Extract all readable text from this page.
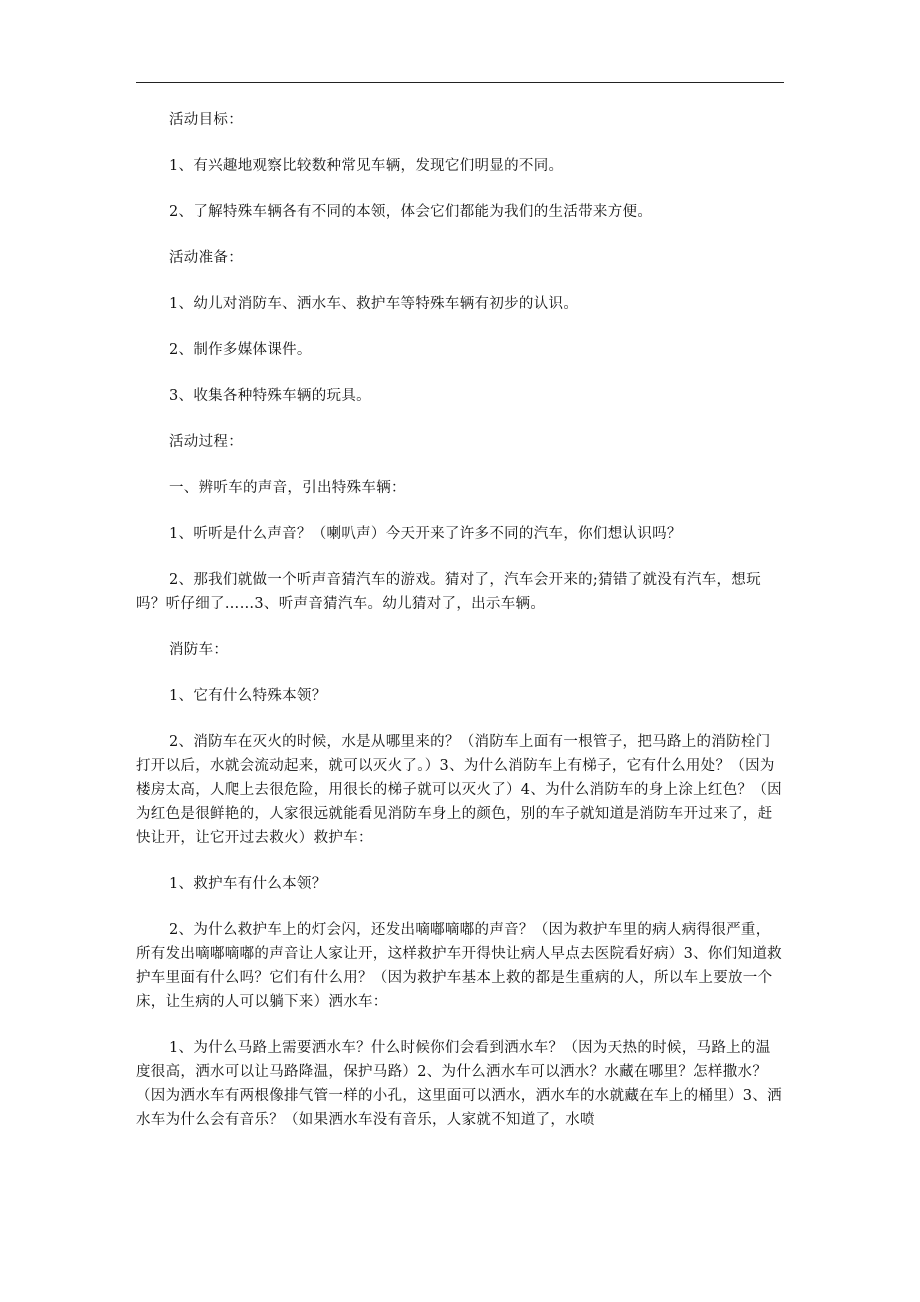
活动目标：

1、有兴趣地观察比较数种常见车辆，发现它们明显的不同。

2、了解特殊车辆各有不同的本领，体会它们都能为我们的生活带来方便。

活动准备：

1、幼儿对消防车、洒水车、救护车等特殊车辆有初步的认识。

2、制作多媒体课件。

3、收集各种特殊车辆的玩具。

活动过程：

一、辨听车的声音，引出特殊车辆：

1、听听是什么声音？（喇叭声）今天开来了许多不同的汽车，你们想认识吗？

2、那我们就做一个听声音猜汽车的游戏。猜对了，汽车会开来的;猜错了就没有汽车，想玩吗？听仔细了……3、听声音猜汽车。幼儿猜对了，出示车辆。

消防车：

1、它有什么特殊本领？

2、消防车在灭火的时候，水是从哪里来的？（消防车上面有一根管子，把马路上的消防栓门打开以后，水就会流动起来，就可以灭火了。）3、为什么消防车上有梯子，它有什么用处？（因为楼房太高，人爬上去很危险，用很长的梯子就可以灭火了）4、为什么消防车的身上涂上红色？（因为红色是很鲜艳的，人家很远就能看见消防车身上的颜色，别的车子就知道是消防车开过来了，赶快让开，让它开过去救火）救护车：

1、救护车有什么本领？

2、为什么救护车上的灯会闪，还发出嘀嘟嘀嘟的声音？（因为救护车里的病人病得很严重，所有发出嘀嘟嘀嘟的声音让人家让开，这样救护车开得快让病人早点去医院看好病）3、你们知道救护车里面有什么吗？它们有什么用？（因为救护车基本上救的都是生重病的人，所以车上要放一个床，让生病的人可以躺下来）洒水车：

1、为什么马路上需要洒水车？什么时候你们会看到洒水车？（因为天热的时候，马路上的温度很高，洒水可以让马路降温，保护马路）2、为什么洒水车可以洒水？水藏在哪里？怎样撒水？（因为洒水车有两根像排气管一样的小孔，这里面可以洒水，洒水车的水就藏在车上的桶里）3、洒水车为什么会有音乐？（如果洒水车没有音乐，人家就不知道了，水喷
